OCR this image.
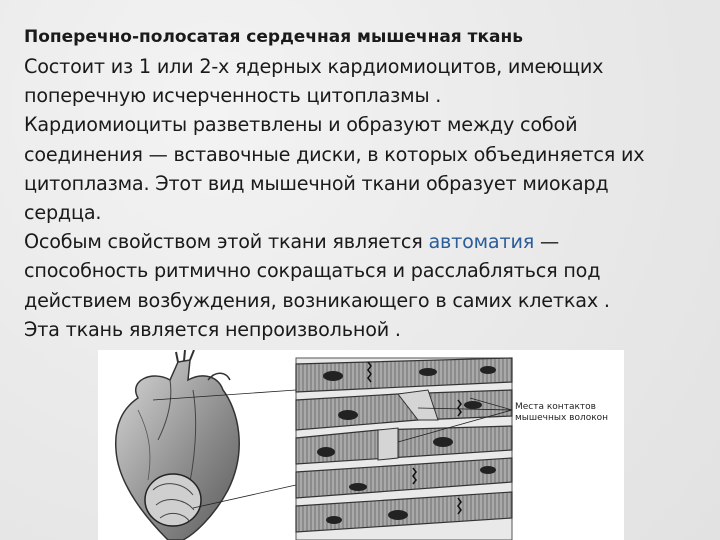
Поперечно-полосатая сердечная мышечная ткань
Состоит из 1 или 2-х ядерных кардиомиоцитов, имеющих
поперечную исчерченность цитоплазмы .
Кардиомиоциты разветвлены и образуют между собой
соединения — вставочные диски, в которых объединяется их
цитоплазма. Этот вид мышечной ткани образует миокард
сердца.
Особым свойством этой ткани является автоматия —
способность ритмично сокращаться и расслабляться под
действием возбуждения, возникающего в самих клетках .
Эта ткань является непроизвольной .
Места контактов
мышечных волокон
